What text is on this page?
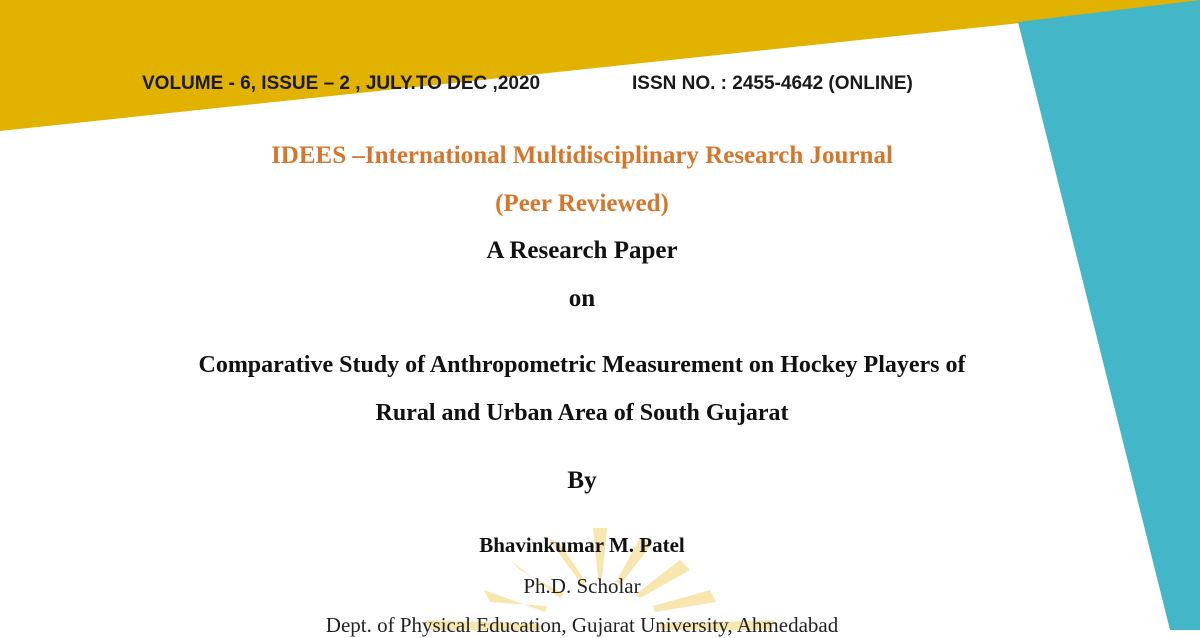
VOLUME - 6, ISSUE – 2 , JULY.TO DEC ,2020	ISSN NO. : 2455-4642 (ONLINE)
IDEES –International Multidisciplinary Research Journal
(Peer Reviewed)
A Research Paper
on
Comparative Study of Anthropometric Measurement on Hockey Players of
Rural and Urban Area of South Gujarat
By
Bhavinkumar M. Patel
Ph.D. Scholar
Dept. of Physical Education, Gujarat University, Ahmedabad
